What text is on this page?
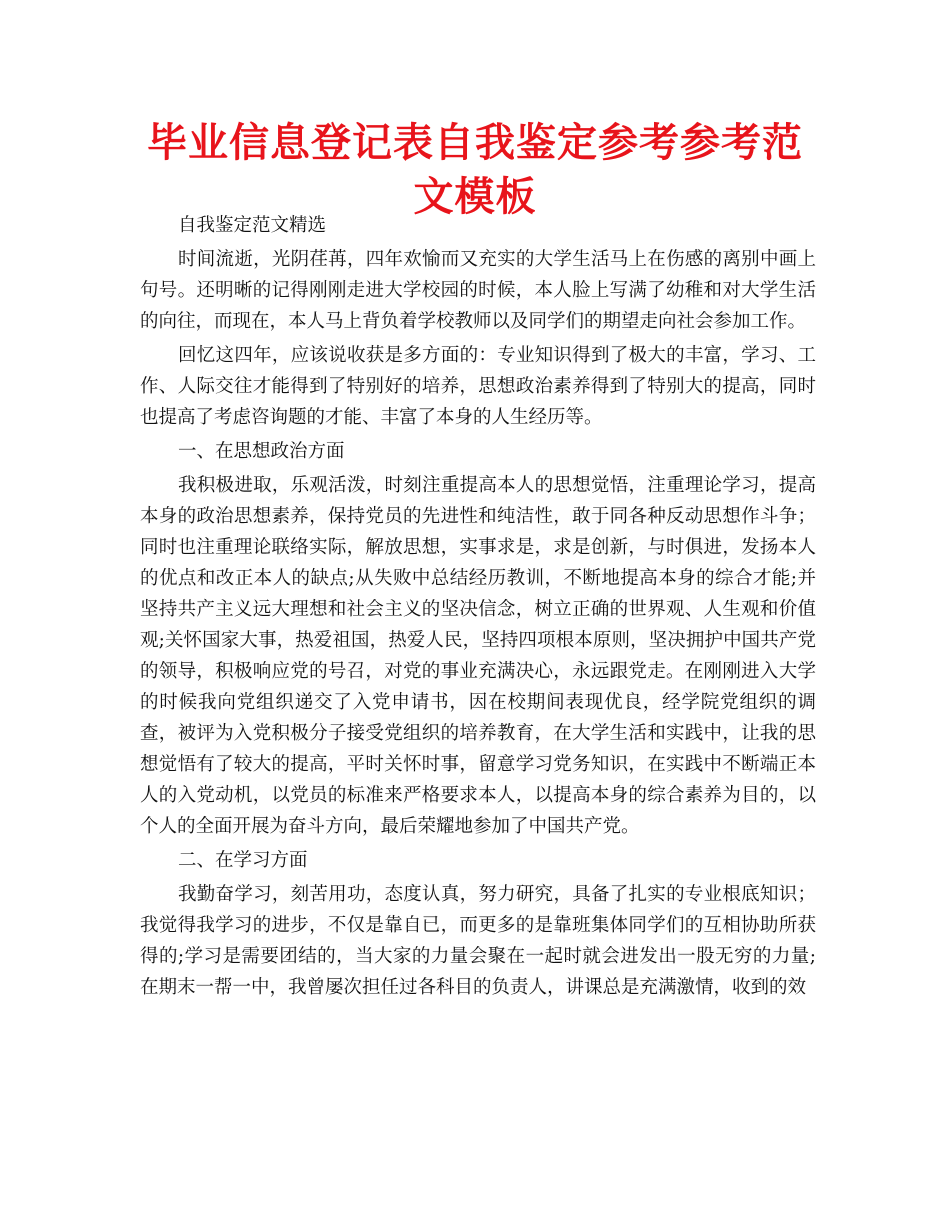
毕业信息登记表自我鉴定参考参考范文模板

自我鉴定范文精选

时间流逝，光阴荏苒，四年欢愉而又充实的大学生活马上在伤感的离别中画上句号。还明晰的记得刚刚走进大学校园的时候，本人脸上写满了幼稚和对大学生活的向往，而现在，本人马上背负着学校教师以及同学们的期望走向社会参加工作。

回忆这四年，应该说收获是多方面的：专业知识得到了极大的丰富，学习、工作、人际交往才能得到了特别好的培养，思想政治素养得到了特别大的提高，同时也提高了考虑咨询题的才能、丰富了本身的人生经历等。

一、在思想政治方面

我积极进取，乐观活泼，时刻注重提高本人的思想觉悟，注重理论学习，提高本身的政治思想素养，保持党员的先进性和纯洁性，敢于同各种反动思想作斗争；同时也注重理论联络实际，解放思想，实事求是，求是创新，与时俱进，发扬本人的优点和改正本人的缺点;从失败中总结经历教训，不断地提高本身的综合才能;并坚持共产主义远大理想和社会主义的坚决信念，树立正确的世界观、人生观和价值观;关怀国家大事，热爱祖国，热爱人民，坚持四项根本原则，坚决拥护中国共产党的领导，积极响应党的号召，对党的事业充满决心，永远跟党走。在刚刚进入大学的时候我向党组织递交了入党申请书，因在校期间表现优良，经学院党组织的调查，被评为入党积极分子接受党组织的培养教育，在大学生活和实践中，让我的思想觉悟有了较大的提高，平时关怀时事，留意学习党务知识，在实践中不断端正本人的入党动机，以党员的标准来严格要求本人，以提高本身的综合素养为目的，以个人的全面开展为奋斗方向，最后荣耀地参加了中国共产党。

二、在学习方面

我勤奋学习，刻苦用功，态度认真，努力研究，具备了扎实的专业根底知识；我觉得我学习的进步，不仅是靠自已，而更多的是靠班集体同学们的互相协助所获得的;学习是需要团结的，当大家的力量会聚在一起时就会进发出一股无穷的力量;在期末一帮一中，我曾屡次担任过各科目的负责人，讲课总是充满激情，收到的效
